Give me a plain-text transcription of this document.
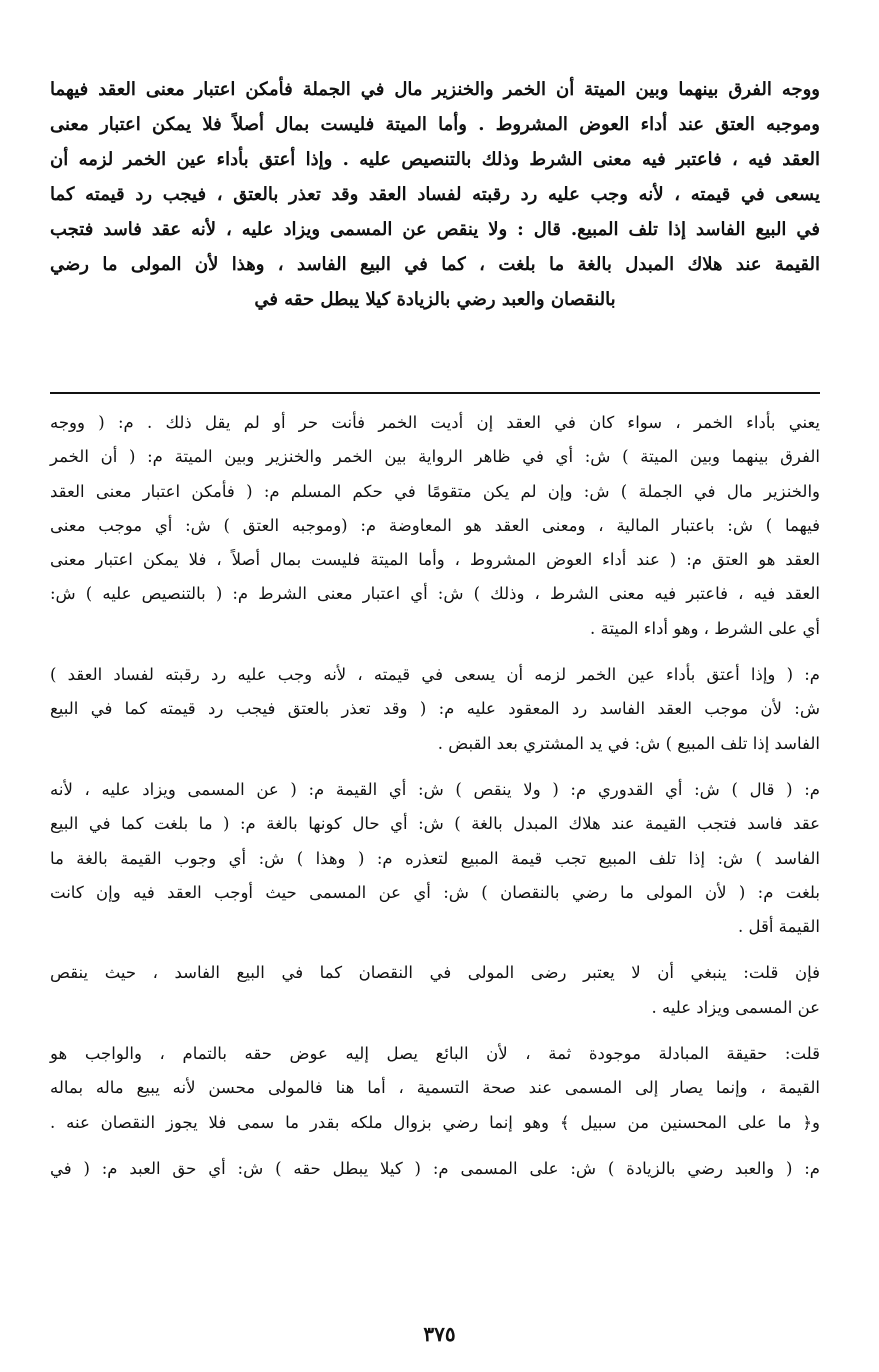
ووجه الفرق بينهما وبين الميتة أن الخمر والخنزير مال في الجملة فأمكن اعتبار معنى العقد فيهما
وموجبه العتق عند أداء العوض المشروط . وأما الميتة فليست بمال أصلاً فلا يمكن اعتبار معنى
العقد فيه ، فاعتبر فيه معنى الشرط وذلك بالتنصيص عليه . وإذا أعتق بأداء عين الخمر لزمه أن
يسعى في قيمته ، لأنه وجب عليه رد رقبته لفساد العقد وقد تعذر بالعتق ، فيجب رد قيمته كما
في البيع الفاسد إذا تلف المبيع. قال : ولا ينقص عن المسمى ويزاد عليه ، لأنه عقد فاسد فتجب
القيمة عند هلاك المبدل بالغة ما بلغت ، كما في البيع الفاسد ، وهذا لأن المولى ما رضي
بالنقصان والعبد رضي بالزيادة كيلا يبطل حقه في
يعني بأداء الخمر ، سواء كان في العقد إن أديت الخمر فأنت حر أو لم يقل ذلك . م: ( ووجه
الفرق بينهما وبين الميتة ) ش: أي في ظاهر الرواية بين الخمر والخنزير وبين الميتة م: ( أن الخمر
والخنزير مال في الجملة ) ش: وإن لم يكن متقومًا في حكم المسلم م: ( فأمكن اعتبار معنى العقد
فيهما ) ش: باعتبار المالية ، ومعنى العقد هو المعاوضة م: (وموجبه العتق ) ش: أي موجب معنى
العقد هو العتق م: ( عند أداء العوض المشروط ، وأما الميتة فليست بمال أصلاً ، فلا يمكن اعتبار معنى
العقد فيه ، فاعتبر فيه معنى الشرط ، وذلك ) ش: أي اعتبار معنى الشرط م: ( بالتنصيص عليه ) ش:
أي على الشرط ، وهو أداء الميتة .
م: ( وإذا أعتق بأداء عين الخمر لزمه أن يسعى في قيمته ، لأنه وجب عليه رد رقبته لفساد العقد )
ش: لأن موجب العقد الفاسد رد المعقود عليه م: ( وقد تعذر بالعتق فيجب رد قيمته كما في البيع
الفاسد إذا تلف المبيع ) ش: في يد المشتري بعد القبض .
م: ( قال ) ش: أي القدوري م: ( ولا ينقص ) ش: أي القيمة م: ( عن المسمى ويزاد عليه ، لأنه
عقد فاسد فتجب القيمة عند هلاك المبدل بالغة ) ش: أي حال كونها بالغة م: ( ما بلغت كما في البيع
الفاسد ) ش: إذا تلف المبيع تجب قيمة المبيع لتعذره م: ( وهذا ) ش: أي وجوب القيمة بالغة ما
بلغت م: ( لأن المولى ما رضي بالنقصان ) ش: أي عن المسمى حيث أوجب العقد فيه وإن كانت
القيمة أقل .
فإن قلت: ينبغي أن لا يعتبر رضى المولى في النقصان كما في البيع الفاسد ، حيث ينقص
عن المسمى ويزاد عليه .
قلت: حقيقة المبادلة موجودة ثمة ، لأن البائع يصل إليه عوض حقه بالتمام ، والواجب هو
القيمة ، وإنما يصار إلى المسمى عند صحة التسمية ، أما هنا فالمولى محسن لأنه يبيع ماله بماله
و﴿ ما على المحسنين من سبيل ﴾ وهو إنما رضي بزوال ملكه بقدر ما سمى فلا يجوز النقصان عنه .
م: ( والعبد رضي بالزيادة ) ش: على المسمى م: ( كيلا يبطل حقه ) ش: أي حق العبد م: ( في
٣٧٥
